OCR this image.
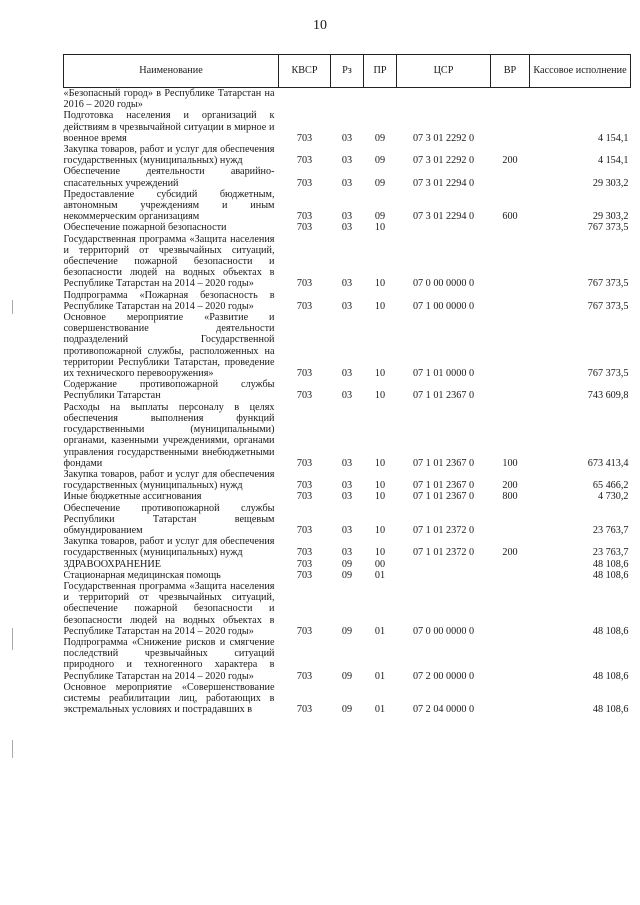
10
Наименование	КВСР	Рз	ПР	ЦСР	ВР	Кассовое исполнение
«Безопасный город» в Республике Татарстан на 2016 – 2020 годы»						
Подготовка населения и организаций к действиям в чрезвычайной ситуации в мирное и военное время	703	03	09	07 3 01 2292 0		4 154,1
Закупка товаров, работ и услуг для обеспечения государственных (муниципальных) нужд	703	03	09	07 3 01 2292 0	200	4 154,1
Обеспечение деятельности аварийно-спасательных учреждений	703	03	09	07 3 01 2294 0		29 303,2
Предоставление субсидий бюджетным, автономным учреждениям и иным некоммерческим организациям	703	03	09	07 3 01 2294 0	600	29 303,2
Обеспечение пожарной безопасности	703	03	10			767 373,5
Государственная программа «Защита населения и территорий от чрезвычайных ситуаций, обеспечение пожарной безопасности и безопасности людей на водных объектах в Республике Татарстан на 2014 – 2020 годы»	703	03	10	07 0 00 0000 0		767 373,5
Подпрограмма «Пожарная безопасность в Республике Татарстан на 2014 – 2020 годы»	703	03	10	07 1 00 0000 0		767 373,5
Основное мероприятие «Развитие и совершенствование деятельности подразделений Государственной противопожарной службы, расположенных на территории Республики Татарстан, проведение их технического перевооружения»	703	03	10	07 1 01 0000 0		767 373,5
Содержание противопожарной службы Республики Татарстан	703	03	10	07 1 01 2367 0		743 609,8
Расходы на выплаты персоналу в целях обеспечения выполнения функций государственными (муниципальными) органами, казенными учреждениями, органами управления государственными внебюджетными фондами	703	03	10	07 1 01 2367 0	100	673 413,4
Закупка товаров, работ и услуг для обеспечения государственных (муниципальных) нужд	703	03	10	07 1 01 2367 0	200	65 466,2
Иные бюджетные ассигнования	703	03	10	07 1 01 2367 0	800	4 730,2
Обеспечение противопожарной службы Республики Татарстан вещевым обмундированием	703	03	10	07 1 01 2372 0		23 763,7
Закупка товаров, работ и услуг для обеспечения государственных (муниципальных) нужд	703	03	10	07 1 01 2372 0	200	23 763,7
ЗДРАВООХРАНЕНИЕ	703	09	00			48 108,6
Стационарная медицинская помощь	703	09	01			48 108,6
Государственная программа «Защита населения и территорий от чрезвычайных ситуаций, обеспечение пожарной безопасности и безопасности людей на водных объектах в Республике Татарстан на 2014 – 2020 годы»	703	09	01	07 0 00 0000 0		48 108,6
Подпрограмма «Снижение рисков и смягчение последствий чрезвычайных ситуаций природного и техногенного характера в Республике Татарстан на 2014 – 2020 годы»	703	09	01	07 2 00 0000 0		48 108,6
Основное мероприятие «Совершенствование системы реабилитации лиц, работающих в экстремальных условиях и пострадавших в	703	09	01	07 2 04 0000 0		48 108,6
